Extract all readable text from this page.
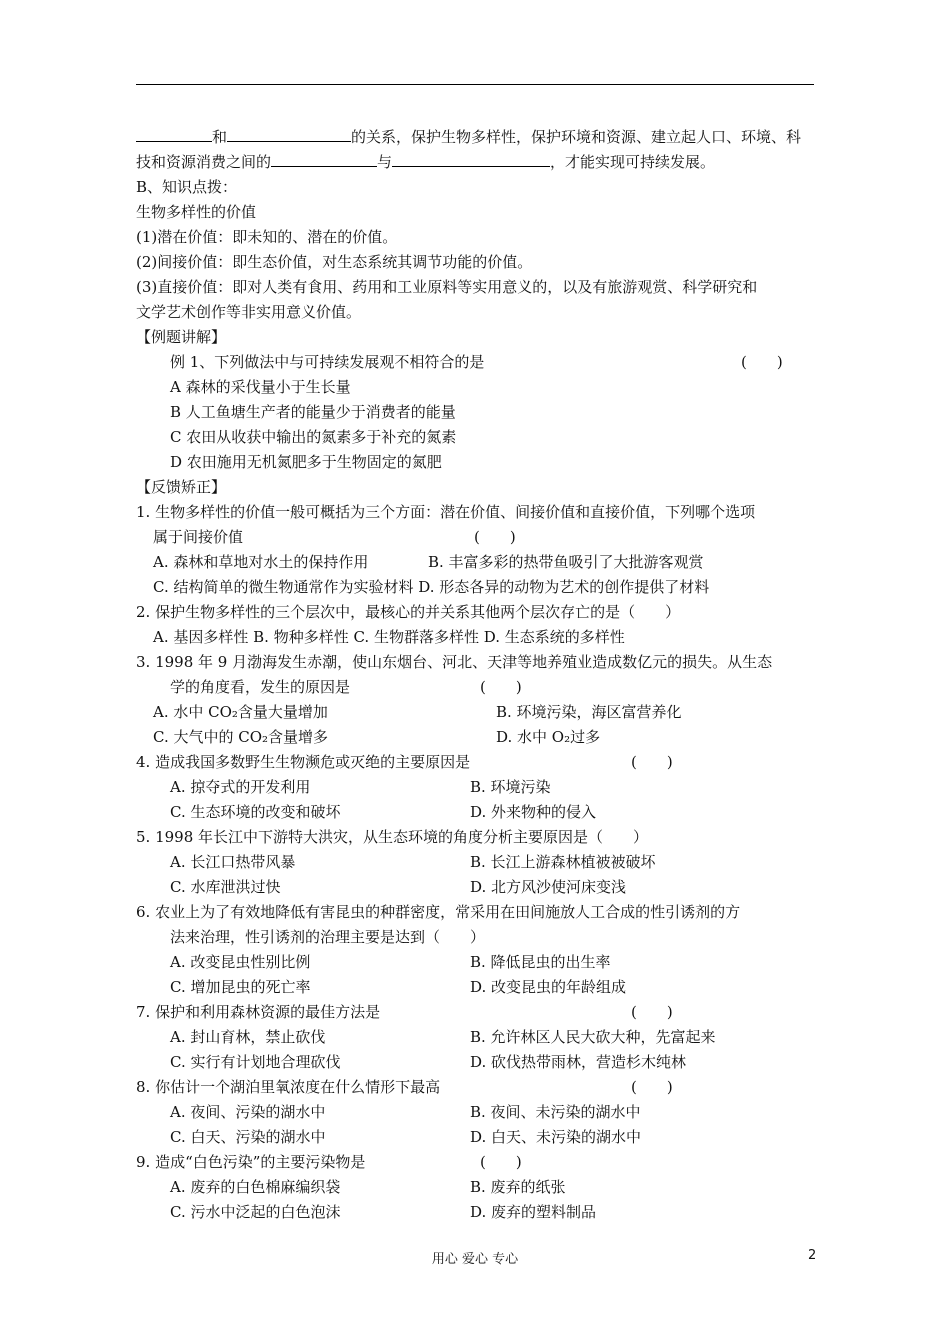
和	的关系，保护生物多样性，保护环境和资源、建立起人口、环境、科
技和资源消费之间的	与	，才能实现可持续发展。
B、知识点拨：
生物多样性的价值
(1)潜在价值：即未知的、潜在的价值。
(2)间接价值：即生态价值，对生态系统其调节功能的价值。
(3)直接价值：即对人类有食用、药用和工业原料等实用意义的，以及有旅游观赏、科学研究和
文学艺术创作等非实用意义价值。
【例题讲解】
例 1、下列做法中与可持续发展观不相符合的是	(　　)
A 森林的采伐量小于生长量
B 人工鱼塘生产者的能量少于消费者的能量
C 农田从收获中输出的氮素多于补充的氮素
D 农田施用无机氮肥多于生物固定的氮肥
【反馈矫正】
1. 生物多样性的价值一般可概括为三个方面：潜在价值、间接价值和直接价值，下列哪个选项
属于间接价值	(　　)
A. 森林和草地对水土的保持作用	B. 丰富多彩的热带鱼吸引了大批游客观赏
C. 结构简单的微生物通常作为实验材料 D. 形态各异的动物为艺术的创作提供了材料
2. 保护生物多样性的三个层次中，最核心的并关系其他两个层次存亡的是（　　）
A. 基因多样性 B. 物种多样性 C. 生物群落多样性 D. 生态系统的多样性
3. 1998 年 9 月渤海发生赤潮，使山东烟台、河北、天津等地养殖业造成数亿元的损失。从生态
学的角度看，发生的原因是	(　　)
A. 水中 CO₂含量大量增加	B. 环境污染，海区富营养化
C. 大气中的 CO₂含量增多	D. 水中 O₂过多
4. 造成我国多数野生生物濒危或灭绝的主要原因是	(　　)
A. 掠夺式的开发利用	B. 环境污染
C. 生态环境的改变和破坏	D. 外来物种的侵入
5. 1998 年长江中下游特大洪灾，从生态环境的角度分析主要原因是（　　）
A. 长江口热带风暴	B. 长江上游森林植被被破坏
C. 水库泄洪过快	D. 北方风沙使河床变浅
6. 农业上为了有效地降低有害昆虫的种群密度，常采用在田间施放人工合成的性引诱剂的方
法来治理，性引诱剂的治理主要是达到（　　）
A. 改变昆虫性别比例	B. 降低昆虫的出生率
C. 增加昆虫的死亡率	D. 改变昆虫的年龄组成
7. 保护和利用森林资源的最佳方法是	(　　)
A. 封山育林，禁止砍伐	B. 允许林区人民大砍大种，先富起来
C. 实行有计划地合理砍伐	D. 砍伐热带雨林，营造杉木纯林
8. 你估计一个湖泊里氧浓度在什么情形下最高	(　　)
A. 夜间、污染的湖水中	B. 夜间、未污染的湖水中
C. 白天、污染的湖水中	D. 白天、未污染的湖水中
9. 造成“白色污染”的主要污染物是	(　　)
A. 废弃的白色棉麻编织袋	B. 废弃的纸张
C. 污水中泛起的白色泡沫	D. 废弃的塑料制品
用心 爱心 专心	2
